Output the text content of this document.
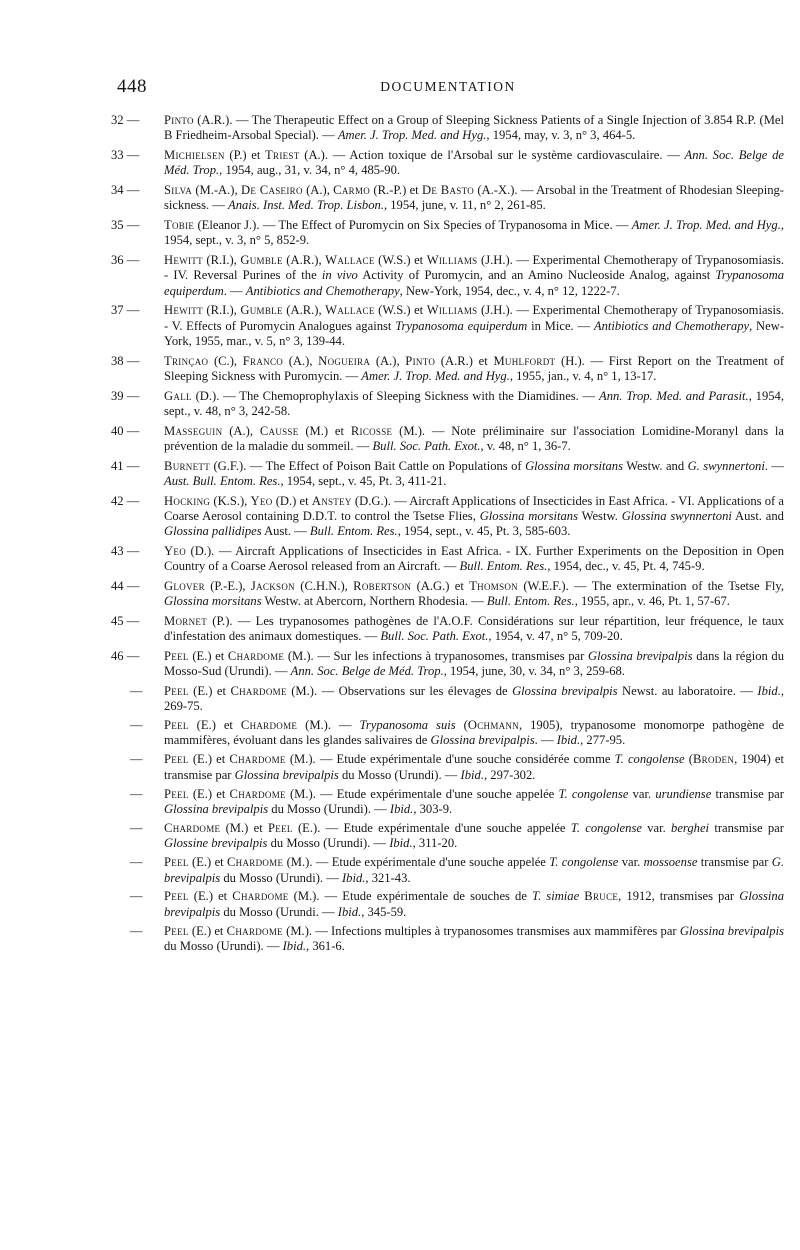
448	DOCUMENTATION
32 —	Pinto (A.R.). — The Therapeutic Effect on a Group of Sleeping Sickness Patients of a Single Injection of 3.854 R.P. (Mel B Friedheim-Arsobal Special). — Amer. J. Trop. Med. and Hyg., 1954, may, v. 3, n° 3, 464-5.
33 —	Michielsen (P.) et Triest (A.). — Action toxique de l'Arsobal sur le système cardiovasculaire. — Ann. Soc. Belge de Méd. Trop., 1954, aug., 31, v. 34, n° 4, 485-90.
34 —	Silva (M.-A.), De Caseiro (A.), Carmo (R.-P.) et De Basto (A.-X.). — Arsobal in the Treatment of Rhodesian Sleeping-sickness. — Anais. Inst. Med. Trop. Lisbon., 1954, june, v. 11, n° 2, 261-85.
35 —	Tobie (Eleanor J.). — The Effect of Puromycin on Six Species of Trypanosoma in Mice. — Amer. J. Trop. Med. and Hyg., 1954, sept., v. 3, n° 5, 852-9.
36 —	Hewitt (R.I.), Gumble (A.R.), Wallace (W.S.) et Williams (J.H.). — Experimental Chemotherapy of Trypanosomiasis. - IV. Reversal Purines of the in vivo Activity of Puromycin, and an Amino Nucleoside Analog, against Trypanosoma equiperdum. — Antibiotics and Chemotherapy, New-York, 1954, dec., v. 4, n° 12, 1222-7.
37 —	Hewitt (R.I.), Gumble (A.R.), Wallace (W.S.) et Williams (J.H.). — Experimental Chemotherapy of Trypanosomiasis. - V. Effects of Puromycin Analogues against Trypanosoma equiperdum in Mice. — Antibiotics and Chemotherapy, New-York, 1955, mar., v. 5, n° 3, 139-44.
38 —	Trinçao (C.), Franco (A.), Nogueira (A.), Pinto (A.R.) et Muhlfordt (H.). — First Report on the Treatment of Sleeping Sickness with Puromycin. — Amer. J. Trop. Med. and Hyg., 1955, jan., v. 4, n° 1, 13-17.
39 —	Gall (D.). — The Chemoprophylaxis of Sleeping Sickness with the Diamidines. — Ann. Trop. Med. and Parasit., 1954, sept., v. 48, n° 3, 242-58.
40 —	Masseguin (A.), Causse (M.) et Ricosse (M.). — Note préliminaire sur l'association Lomidine-Moranyl dans la prévention de la maladie du sommeil. — Bull. Soc. Path. Exot., v. 48, n° 1, 36-7.
41 —	Burnett (G.F.). — The Effect of Poison Bait Cattle on Populations of Glossina morsitans Westw. and G. swynnertoni. — Aust. Bull. Entom. Res., 1954, sept., v. 45, Pt. 3, 411-21.
42 —	Hocking (K.S.), Yeo (D.) et Anstey (D.G.). — Aircraft Applications of Insecticides in East Africa. - VI. Applications of a Coarse Aerosol containing D.D.T. to control the Tsetse Flies, Glossina morsitans Westw. Glossina swynnertoni Aust. and Glossina pallidipes Aust. — Bull. Entom. Res., 1954, sept., v. 45, Pt. 3, 585-603.
43 —	Yeo (D.). — Aircraft Applications of Insecticides in East Africa. - IX. Further Experiments on the Deposition in Open Country of a Coarse Aerosol released from an Aircraft. — Bull. Entom. Res., 1954, dec., v. 45, Pt. 4, 745-9.
44 —	Glover (P.-E.), Jackson (C.H.N.), Robertson (A.G.) et Thomson (W.E.F.). — The extermination of the Tsetse Fly, Glossina morsitans Westw. at Abercorn, Northern Rhodesia. — Bull. Entom. Res., 1955, apr., v. 46, Pt. 1, 57-67.
45 —	Mornet (P.). — Les trypanosomes pathogènes de l'A.O.F. Considérations sur leur répartition, leur fréquence, le taux d'infestation des animaux domestiques. — Bull. Soc. Path. Exot., 1954, v. 47, n° 5, 709-20.
46 —	Peel (E.) et Chardome (M.). — Sur les infections à trypanosomes, transmises par Glossina brevipalpis dans la région du Mosso-Sud (Urundi). — Ann. Soc. Belge de Méd. Trop., 1954, june, 30, v. 34, n° 3, 259-68.
—	Peel (E.) et Chardome (M.). — Observations sur les élevages de Glossina brevipalpis Newst. au laboratoire. — Ibid., 269-75.
—	Peel (E.) et Chardome (M.). — Trypanosoma suis (Ochmann, 1905), trypanosome monomorpe pathogène de mammifères, évoluant dans les glandes salivaires de Glossina brevipalpis. — Ibid., 277-95.
—	Peel (E.) et Chardome (M.). — Etude expérimentale d'une souche considérée comme T. congolense (Broden, 1904) et transmise par Glossina brevipalpis du Mosso (Urundi). — Ibid., 297-302.
—	Peel (E.) et Chardome (M.). — Etude expérimentale d'une souche appelée T. congolense var. urundiense transmise par Glossina brevipalpis du Mosso (Urundi). — Ibid., 303-9.
—	Chardome (M.) et Peel (E.). — Etude expérimentale d'une souche appelée T. congolense var. berghei transmise par Glossine brevipalpis du Mosso (Urundi). — Ibid., 311-20.
—	Peel (E.) et Chardome (M.). — Etude expérimentale d'une souche appelée T. congolense var. mossoense transmise par G. brevipalpis du Mosso (Urundi). — Ibid., 321-43.
—	Peel (E.) et Chardome (M.). — Etude expérimentale de souches de T. simiae Bruce, 1912, transmises par Glossina brevipalpis du Mosso (Urundi. — Ibid., 345-59.
—	Peel (E.) et Chardome (M.). — Infections multiples à trypanosomes transmises aux mammifères par Glossina brevipalpis du Mosso (Urundi). — Ibid., 361-6.
